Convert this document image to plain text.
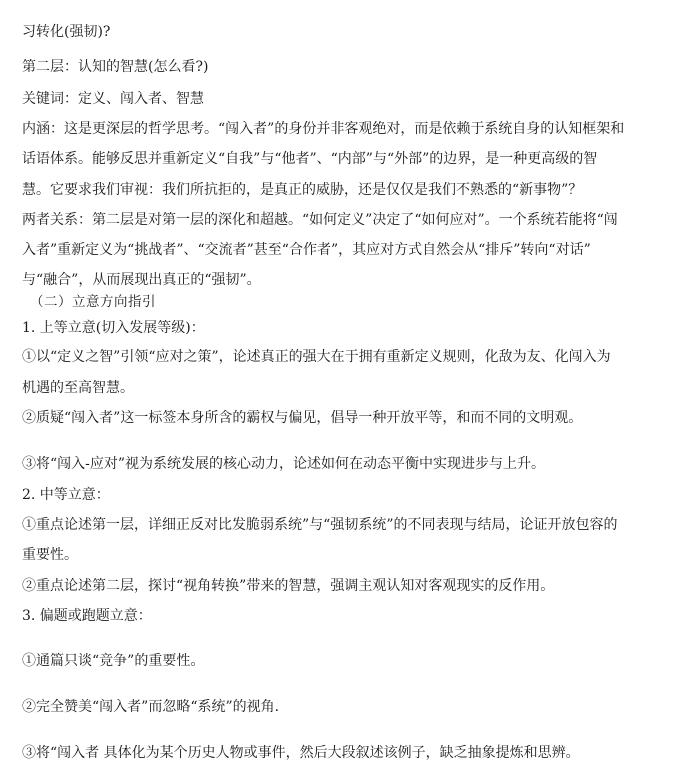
习转化(强韧)?
第二层：认知的智慧(怎么看?)
关键词：定义、闯入者、智慧
内涵：这是更深层的哲学思考。“闯入者”的身份并非客观绝对，而是依赖于系统自身的认知框架和
话语体系。能够反思并重新定义“自我”与“他者”、“内部”与“外部”的边界，是一种更高级的智
慧。它要求我们审视：我们所抗拒的，是真正的威胁，还是仅仅是我们不熟悉的“新事物”？
两者关系：第二层是对第一层的深化和超越。“如何定义”决定了“如何应对”。一个系统若能将“闯
入者”重新定义为“挑战者”、“交流者”甚至“合作者”，其应对方式自然会从“排斥”转向“对话”
与“融合”，从而展现出真正的“强韧”。
（二）立意方向指引
1. 上等立意(切入发展等级)：
①以“定义之智”引领“应对之策”，论述真正的强大在于拥有重新定义规则，化敌为友、化闯入为
机遇的至高智慧。
②质疑“闯入者”这一标签本身所含的霸权与偏见，倡导一种开放平等，和而不同的文明观。
③将“闯入-应对”视为系统发展的核心动力，论述如何在动态平衡中实现进步与上升。
2. 中等立意：
①重点论述第一层，详细正反对比发脆弱系统”与“强韧系统”的不同表现与结局，论证开放包容的
重要性。
②重点论述第二层，探讨“视角转换”带来的智慧，强调主观认知对客观现实的反作用。
3. 偏题或跑题立意：
①通篇只谈“竞争”的重要性。
②完全赞美“闯入者”而忽略“系统”的视角.
③将“闯入者 具体化为某个历史人物或事件，然后大段叙述该例子，缺乏抽象提炼和思辨。
